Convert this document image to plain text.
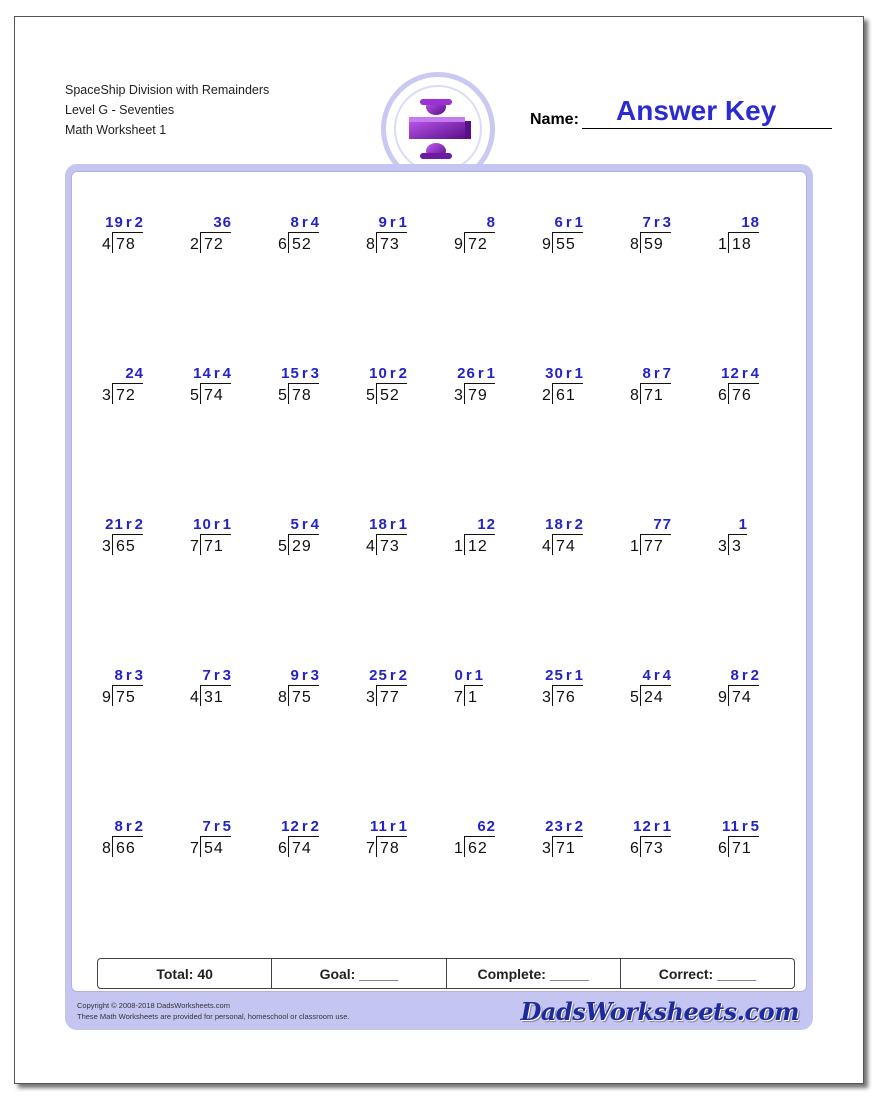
SpaceShip Division with Remainders
Level G - Seventies
Math Worksheet 1
Name: Answer Key
19 r 2
4 78
36
2 72
8 r 4
6 52
9 r 1
8 73
8
9 72
6 r 1
9 55
7 r 3
8 59
18
1 18
24
3 72
14 r 4
5 74
15 r 3
5 78
10 r 2
5 52
26 r 1
3 79
30 r 1
2 61
8 r 7
8 71
12 r 4
6 76
21 r 2
3 65
10 r 1
7 71
5 r 4
5 29
18 r 1
4 73
12
1 12
18 r 2
4 74
77
1 77
1
3 3
8 r 3
9 75
7 r 3
4 31
9 r 3
8 75
25 r 2
3 77
0 r 1
7 1
25 r 1
3 76
4 r 4
5 24
8 r 2
9 74
8 r 2
8 66
7 r 5
7 54
12 r 2
6 74
11 r 1
7 78
62
1 62
23 r 2
3 71
12 r 1
6 73
11 r 5
6 71
Total: 40	Goal: _____	Complete: _____	Correct: _____
Copyright © 2008-2018 DadsWorksheets.com
These Math Worksheets are provided for personal, homeschool or classroom use.	DadsWorksheets.com
